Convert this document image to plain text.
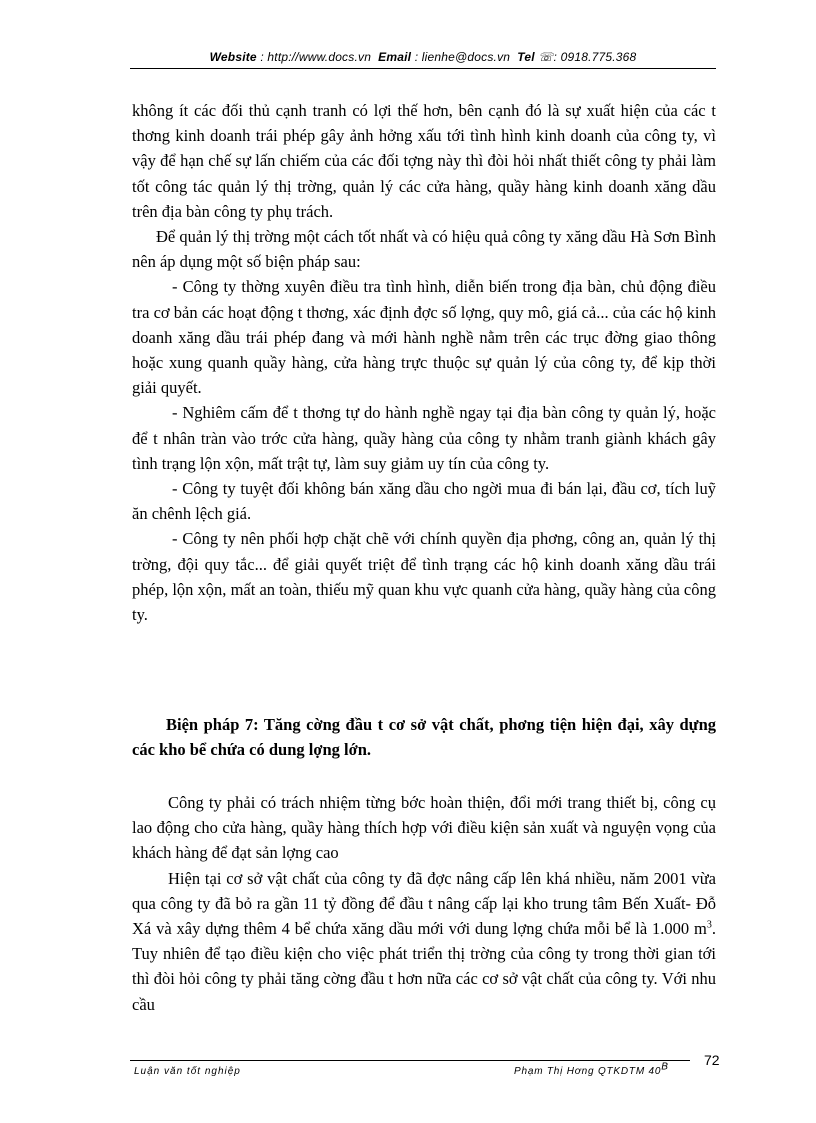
Website : http://www.docs.vn Email : lienhe@docs.vn Tel ☏: 0918.775.368

không ít các đối thủ cạnh tranh có lợi thế hơn, bên cạnh đó là sự xuất hiện của các t thơng kinh doanh trái phép gây ảnh hởng xấu tới tình hình kinh doanh của công ty, vì vậy để hạn chế sự lấn chiếm của các đối tợng này thì đòi hỏi nhất thiết công ty phải làm tốt công tác quản lý thị trờng, quản lý các cửa hàng, quầy hàng kinh doanh xăng dầu trên địa bàn công ty phụ trách.

Để quản lý thị trờng một cách tốt nhất và có hiệu quả công ty xăng dầu Hà Sơn Bình nên áp dụng một số biện pháp sau:

- Công ty thờng xuyên điều tra tình hình, diễn biến trong địa bàn, chủ động điều tra cơ bản các hoạt động t thơng, xác định đợc số lợng, quy mô, giá cả... của các hộ kinh doanh xăng dầu trái phép đang và mới hành nghề nằm trên các trục đờng giao thông hoặc xung quanh quầy hàng, cửa hàng trực thuộc sự quản lý của công ty, để kịp thời giải quyết.

- Nghiêm cấm để t thơng tự do hành nghề ngay tại địa bàn công ty quản lý, hoặc để t nhân tràn vào trớc cửa hàng, quầy hàng của công ty nhằm tranh giành khách gây tình trạng lộn xộn, mất trật tự, làm suy giảm uy tín của công ty.

- Công ty tuyệt đối không bán xăng dầu cho ngời mua đi bán lại, đầu cơ, tích luỹ ăn chênh lệch giá.

- Công ty nên phối hợp chặt chẽ với chính quyền địa phơng, công an, quản lý thị trờng, đội quy tắc... để giải quyết triệt để tình trạng các hộ kinh doanh xăng dầu trái phép, lộn xộn, mất an toàn, thiếu mỹ quan khu vực quanh cửa hàng, quầy hàng của công ty.

Biện pháp 7: Tăng cờng đầu t cơ sở vật chất, phơng tiện hiện đại, xây dựng các kho bể chứa có dung lợng lớn.

Công ty phải có trách nhiệm từng bớc hoàn thiện, đổi mới trang thiết bị, công cụ lao động cho cửa hàng, quầy hàng thích hợp với điều kiện sản xuất và nguyện vọng của khách hàng để đạt sản lợng cao

Hiện tại cơ sở vật chất của công ty đã đợc nâng cấp lên khá nhiều, năm 2001 vừa qua công ty đã bỏ ra gần 11 tỷ đồng để đầu t nâng cấp lại kho trung tâm Bến Xuất- Đỗ Xá và xây dựng thêm 4 bể chứa xăng dầu mới với dung lợng chứa mỗi bể là 1.000 $m^3$. Tuy nhiên để tạo điều kiện cho việc phát triển thị trờng của công ty trong thời gian tới thì đòi hỏi công ty phải tăng cờng đầu t hơn nữa các cơ sở vật chất của công ty. Với nhu cầu

Luận văn tốt nghiệp	Phạm Thị Hơng QTKDTM $40^B$	72
